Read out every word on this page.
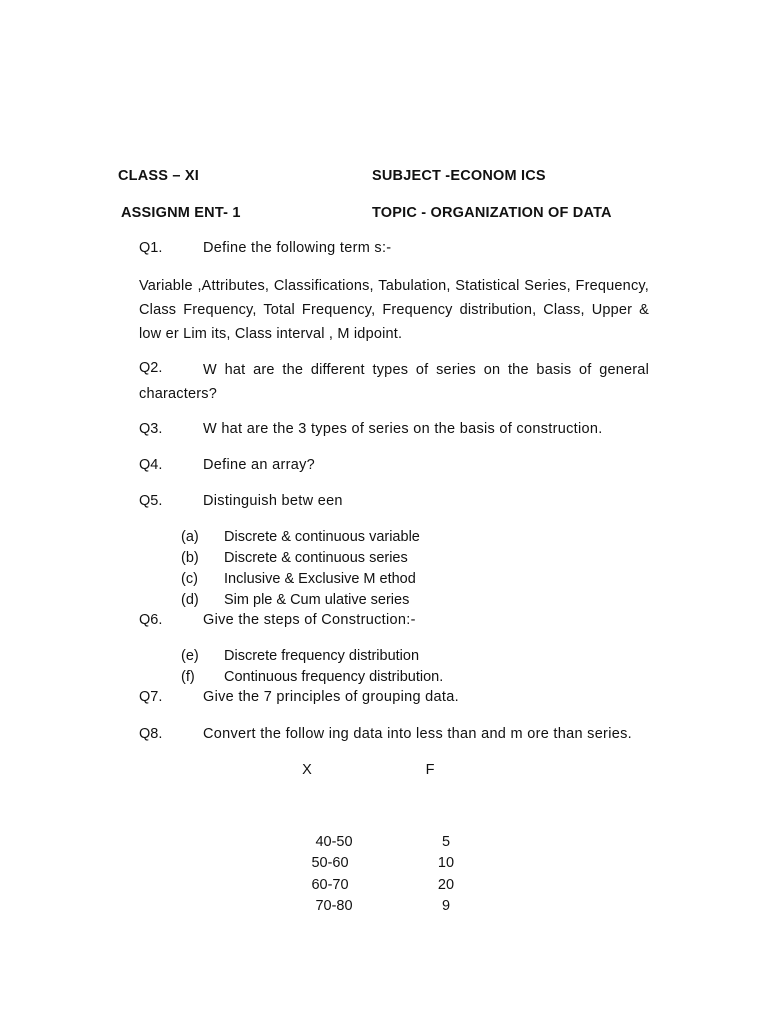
CLASS – XI	SUBJECT -ECONOM ICS
ASSIGNM ENT- 1	TOPIC - ORGANIZATION OF DATA
Q1.	Define the following term s:-
Variable ,Attributes, Classifications, Tabulation, Statistical Series, Frequency, Class Frequency, Total Frequency, Frequency distribution, Class, Upper & low er Lim its, Class interval , M idpoint.
Q2.	W hat are the different types of series on the basis of general characters?
Q3.	W hat are the 3 types of series on the basis of construction.
Q4.	Define an array?
Q5.	Distinguish betw een
(a) Discrete & continuous variable
(b) Discrete & continuous series
(c) Inclusive & Exclusive M ethod
(d) Sim ple & Cum ulative series
Q6.	Give the steps of Construction:-
(e) Discrete frequency distribution
(f) Continuous frequency distribution.
Q7.	Give the 7 principles of grouping data.
Q8.	Convert the follow ing data into less than and m ore than series.
X	F
40-50	5
50-60	10
60-70	20
70-80	9
